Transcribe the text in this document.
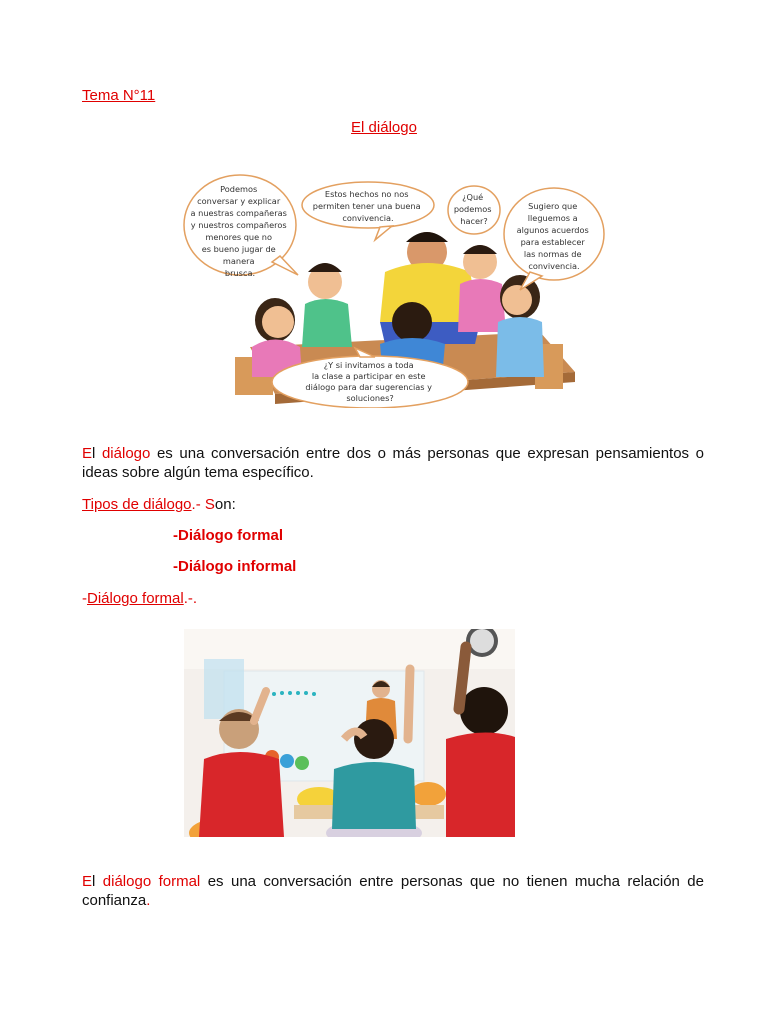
Tema N°11
El diálogo
Podemos conversar y explicar a nuestras compañeras y nuestros compañeros menores que no es bueno jugar de manera brusca.
Estos hechos no nos permiten tener una buena convivencia.
¿Qué podemos hacer?
Sugiero que lleguemos a algunos acuerdos para establecer las normas de convivencia.
¿Y si invitamos a toda la clase a participar en este diálogo para dar sugerencias y soluciones?
El diálogo es una conversación entre dos o más personas que expresan pensamientos o ideas sobre algún tema específico.
Tipos de diálogo.- Son:
-Diálogo formal
-Diálogo informal
-Diálogo formal.-.
El diálogo formal es una conversación entre personas que no tienen mucha relación de confianza.
